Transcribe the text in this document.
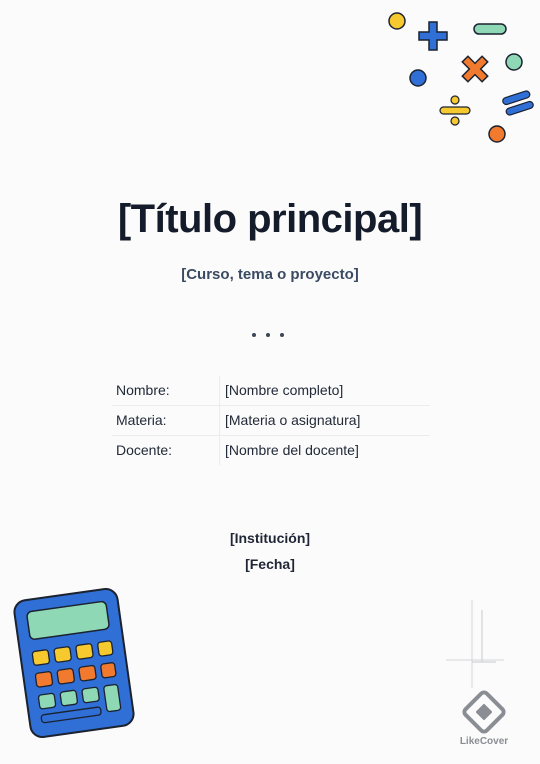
[Título principal]
[Curso, tema o proyecto]
Nombre:	[Nombre completo]
Materia:	[Materia o asignatura]
Docente:	[Nombre del docente]
[Institución]
[Fecha]
LikeCover
